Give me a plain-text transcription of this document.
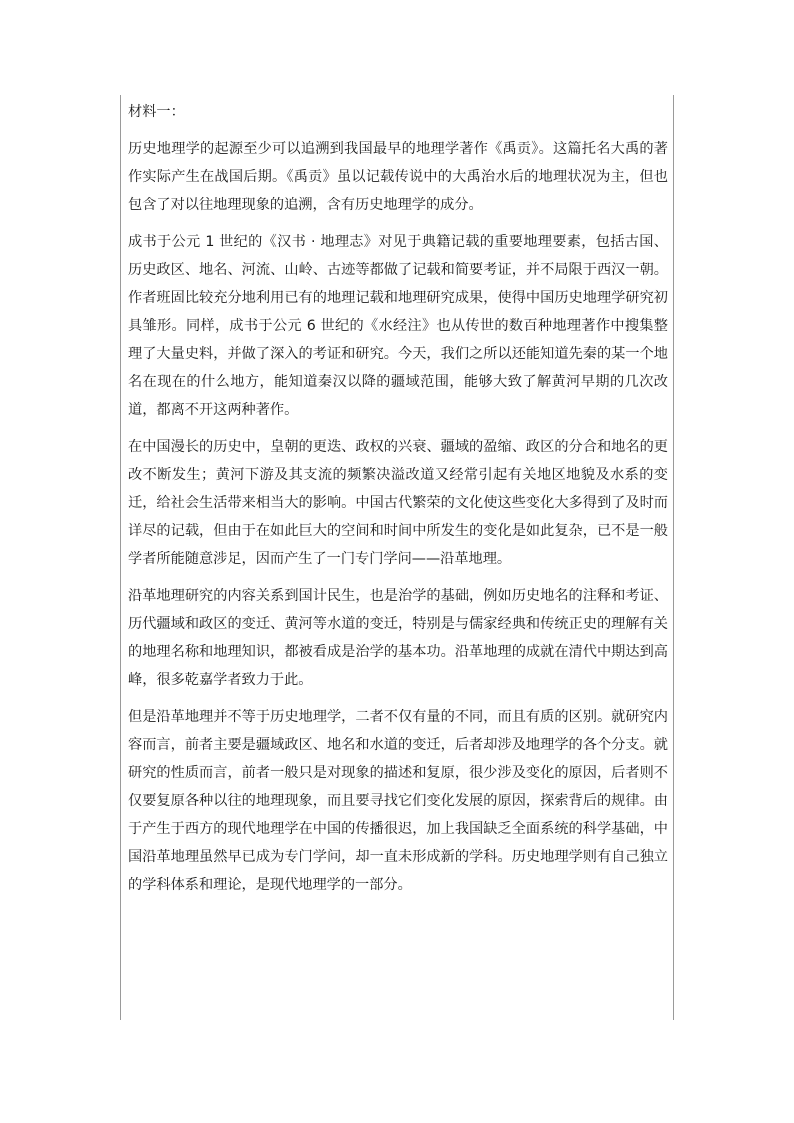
材料一：

历史地理学的起源至少可以追溯到我国最早的地理学著作《禹贡》。这篇托名大禹的著作实际产生在战国后期。《禹贡》虽以记载传说中的大禹治水后的地理状况为主，但也包含了对以往地理现象的追溯，含有历史地理学的成分。

成书于公元 1 世纪的《汉书 · 地理志》对见于典籍记载的重要地理要素，包括古国、历史政区、地名、河流、山岭、古迹等都做了记载和简要考证，并不局限于西汉一朝。作者班固比较充分地利用已有的地理记载和地理研究成果，使得中国历史地理学研究初具雏形。同样，成书于公元 6 世纪的《水经注》也从传世的数百种地理著作中搜集整理了大量史料，并做了深入的考证和研究。今天，我们之所以还能知道先秦的某一个地名在现在的什么地方，能知道秦汉以降的疆域范围，能够大致了解黄河早期的几次改道，都离不开这两种著作。

在中国漫长的历史中，皇朝的更迭、政权的兴衰、疆域的盈缩、政区的分合和地名的更改不断发生；黄河下游及其支流的频繁决溢改道又经常引起有关地区地貌及水系的变迁，给社会生活带来相当大的影响。中国古代繁荣的文化使这些变化大多得到了及时而详尽的记载，但由于在如此巨大的空间和时间中所发生的变化是如此复杂，已不是一般学者所能随意涉足，因而产生了一门专门学问——沿革地理。

沿革地理研究的内容关系到国计民生，也是治学的基础，例如历史地名的注释和考证、历代疆域和政区的变迁、黄河等水道的变迁，特别是与儒家经典和传统正史的理解有关的地理名称和地理知识，都被看成是治学的基本功。沿革地理的成就在清代中期达到高峰，很多乾嘉学者致力于此。

但是沿革地理并不等于历史地理学，二者不仅有量的不同，而且有质的区别。就研究内容而言，前者主要是疆域政区、地名和水道的变迁，后者却涉及地理学的各个分支。就研究的性质而言，前者一般只是对现象的描述和复原，很少涉及变化的原因，后者则不仅要复原各种以往的地理现象，而且要寻找它们变化发展的原因，探索背后的规律。由于产生于西方的现代地理学在中国的传播很迟，加上我国缺乏全面系统的科学基础，中国沿革地理虽然早已成为专门学问，却一直未形成新的学科。历史地理学则有自己独立的学科体系和理论，是现代地理学的一部分。
